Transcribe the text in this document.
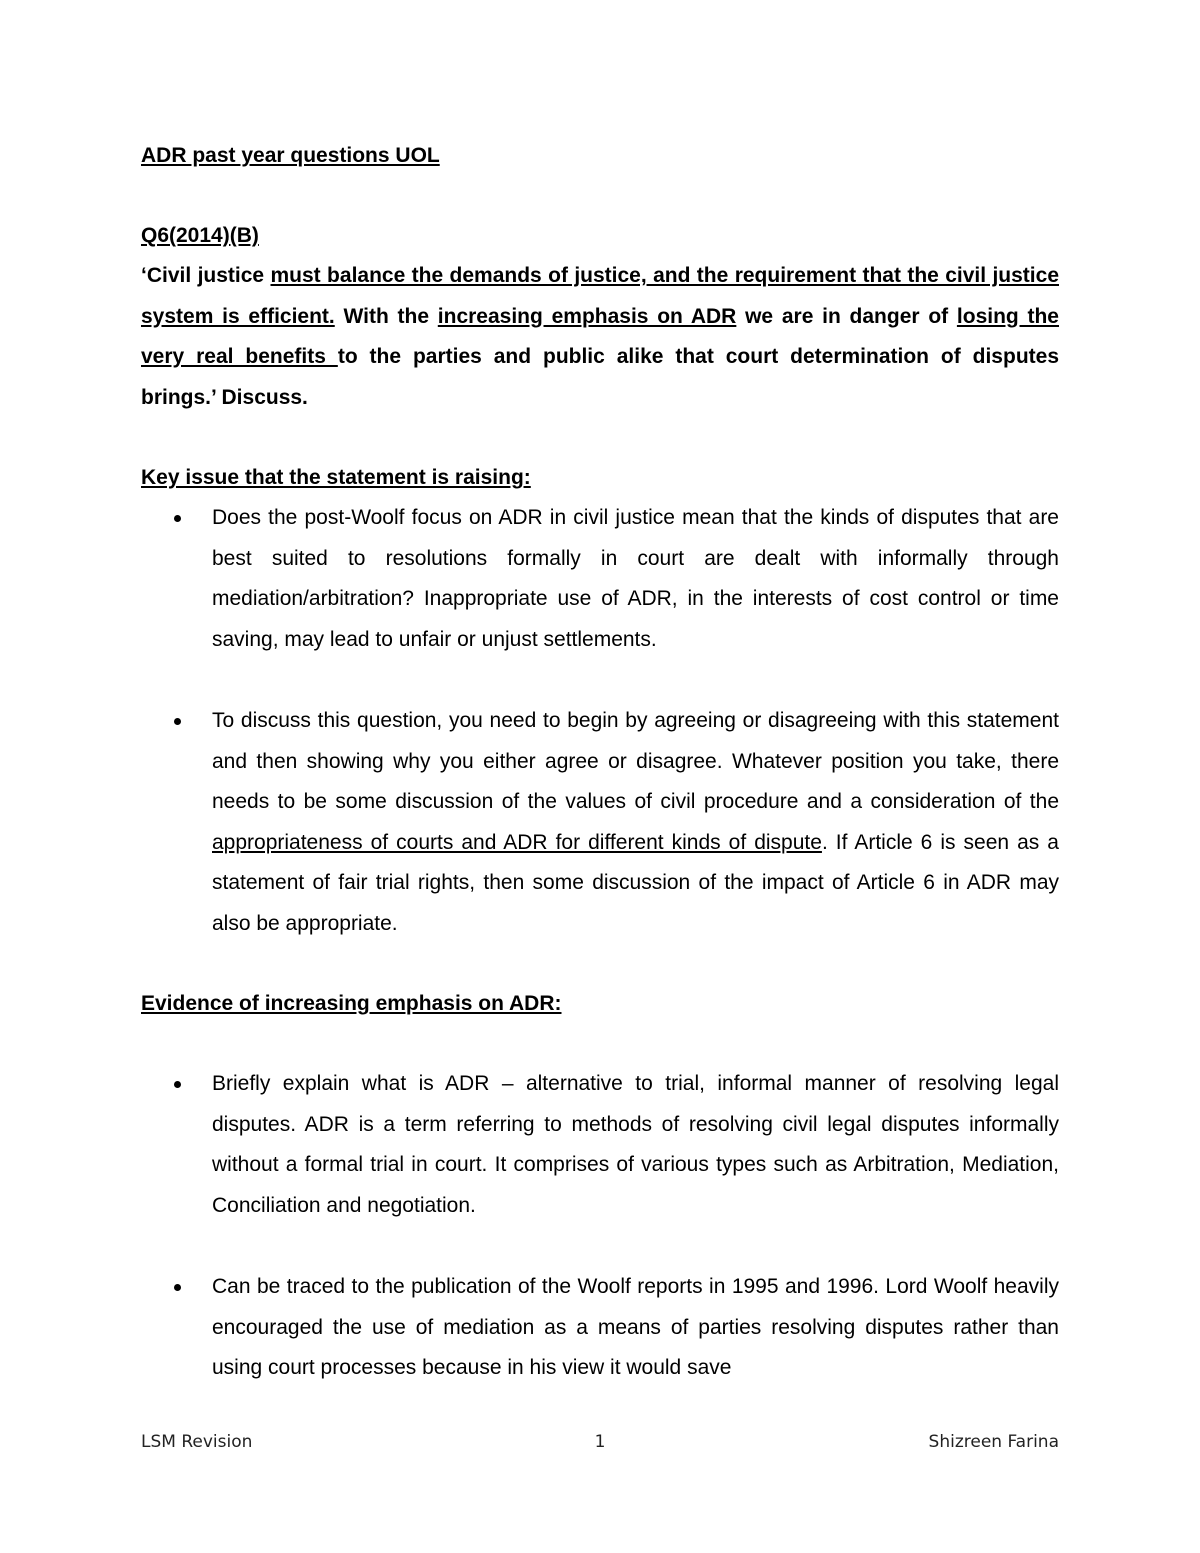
ADR past year questions UOL
Q6(2014)(B)

‘Civil justice must balance the demands of justice, and the requirement that the civil justice system is efficient. With the increasing emphasis on ADR we are in danger of losing the very real benefits to the parties and public alike that court determination of disputes brings.’ Discuss.

Key issue that the statement is raising:
Does the post-Woolf focus on ADR in civil justice mean that the kinds of disputes that are best suited to resolutions formally in court are dealt with informally through mediation/arbitration? Inappropriate use of ADR, in the interests of cost control or time saving, may lead to unfair or unjust settlements.
To discuss this question, you need to begin by agreeing or disagreeing with this statement and then showing why you either agree or disagree. Whatever position you take, there needs to be some discussion of the values of civil procedure and a consideration of the appropriateness of courts and ADR for different kinds of dispute. If Article 6 is seen as a statement of fair trial rights, then some discussion of the impact of Article 6 in ADR may also be appropriate.
Evidence of increasing emphasis on ADR:
Briefly explain what is ADR – alternative to trial, informal manner of resolving legal disputes. ADR is a term referring to methods of resolving civil legal disputes informally without a formal trial in court. It comprises of various types such as Arbitration, Mediation, Conciliation and negotiation.
Can be traced to the publication of the Woolf reports in 1995 and 1996. Lord Woolf heavily encouraged the use of mediation as a means of parties resolving disputes rather than using court processes because in his view it would save
LSM Revision	1	Shizreen Farina
